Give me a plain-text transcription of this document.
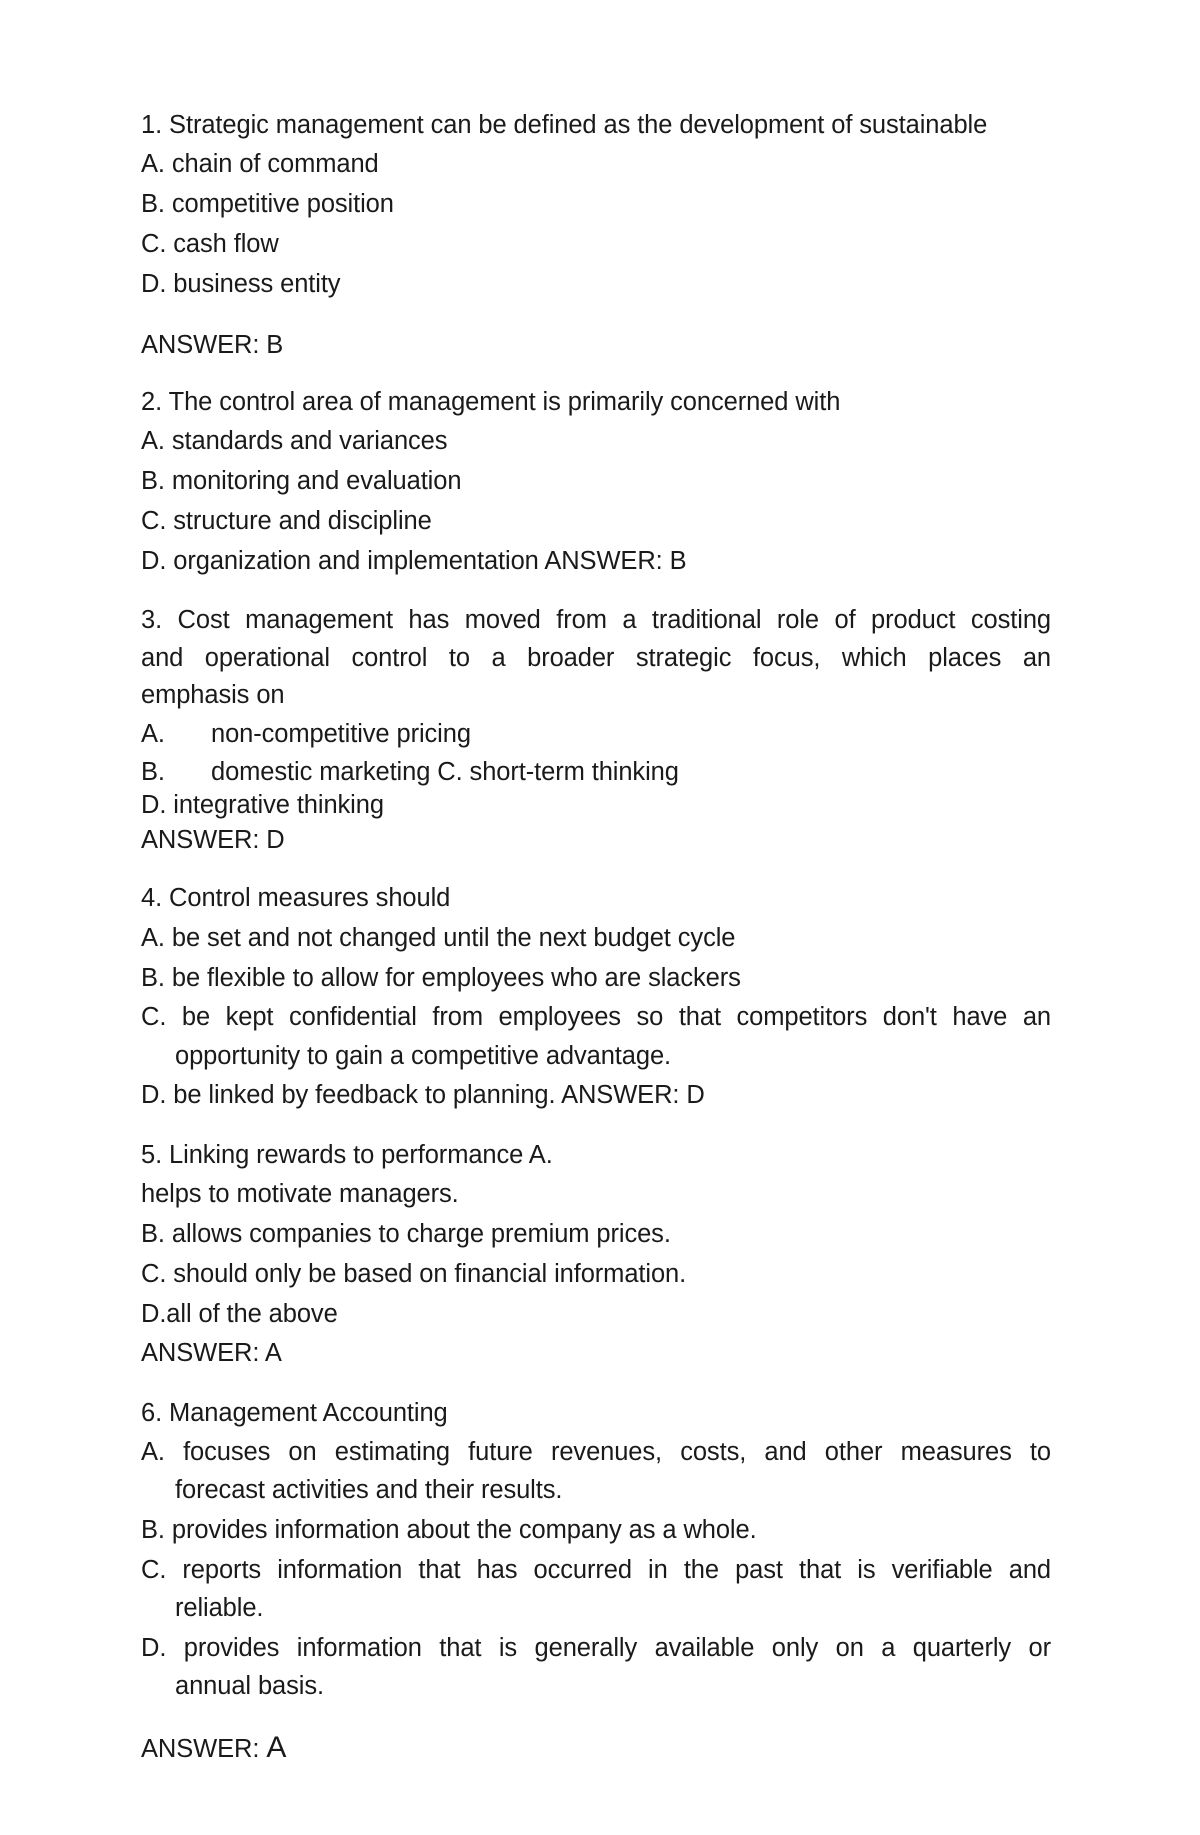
1. Strategic management can be defined as the development of sustainable

A. chain of command

B. competitive position

C. cash flow

D. business entity

ANSWER: B

2. The control area of management is primarily concerned with

A. standards and variances

B. monitoring and evaluation

C. structure and discipline

D. organization and implementation ANSWER: B

3. Cost management has moved from a traditional role of product costing

and operational control to a broader strategic focus, which places an

emphasis on

A. non-competitive pricing

B. domestic marketing C. short-term thinking

D. integrative thinking

ANSWER: D

4. Control measures should

A. be set and not changed until the next budget cycle

B. be flexible to allow for employees who are slackers

C. be kept confidential from employees so that competitors don't have an

opportunity to gain a competitive advantage.

D. be linked by feedback to planning. ANSWER: D

5. Linking rewards to performance A.

helps to motivate managers.

B. allows companies to charge premium prices.

C. should only be based on financial information.

D.all of the above

ANSWER: A

6. Management Accounting

A. focuses on estimating future revenues, costs, and other measures to

forecast activities and their results.

B. provides information about the company as a whole.

C. reports information that has occurred in the past that is verifiable and

reliable.

D. provides information that is generally available only on a quarterly or

annual basis.

ANSWER: A
